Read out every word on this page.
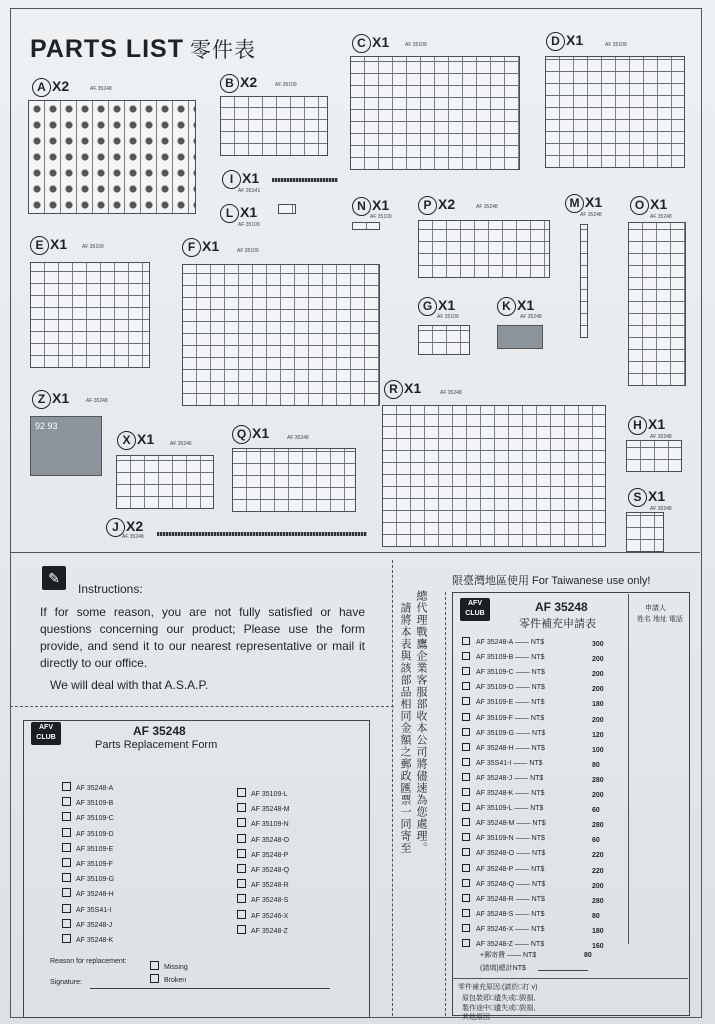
PARTS LIST 零件表
A X2	AF 35248	B X2	AF 35109
C X1	AF 35109	D X1	AF 35109
I X1
AF 35S41
L X1
AF 35109
N X1
AF 35109
P X2	AF 35248	M X1
AF 35248
O X1
AF 35248
E X1	AF 35109	F X1	AF 35109
G X1
AF 35109
K X1
AF 35248
Z X1	AF 35248
R X1	AF 35248
X X1	AF 35246
Q X1	AF 35248
H X1
AF 35248
S X1
AF 35248
J X2
AF 35248
92 93
✎
Instructions:
If for some reason, you are not fully satisfied or have questions concerning our product; Please use the form provide, and send it to our nearest representative or mail it directly to our office.
We will deal with that A.S.A.P.
AFV
CLUB	AF 35248
Parts Replacement Form
AF 35248-A
AF 35109-B
AF 35109-C
AF 35109-D
AF 35109-E
AF 35109-F
AF 35109-G
AF 35248-H
AF 35S41-I
AF 35248-J
AF 35248-K
AF 35109-L
AF 35248-M
AF 35109-N
AF 35248-O
AF 35248-P
AF 35248-Q
AF 35248-R
AF 35248-S
AF 35246-X
AF 35248-Z
Reason for replacement:
Missing
Broken
Signature:
總代理戰鷹企業客服部收本公司將儘速為您處理。
請將本表與該部品相同金額之郵政匯票一同寄至
限臺灣地區使用 For Taiwanese use only!
AFV
CLUB	AF 35248
零件補充申請表
申請人
姓名 地址 電話
AF 35248-A —— NT$	300
AF 35109-B —— NT$	200
AF 35109-C —— NT$	200
AF 35109-D —— NT$	200
AF 35109-E —— NT$	180
AF 35109-F —— NT$	200
AF 35109-G —— NT$	120
AF 35248-H —— NT$	100
AF 35S41-I —— NT$	80
AF 35248-J —— NT$	280
AF 35248-K —— NT$	200
AF 35109-L —— NT$	60
AF 35248-M —— NT$	280
AF 35109-N —— NT$	60
AF 35248-O —— NT$	220
AF 35248-P —— NT$	220
AF 35248-Q —— NT$	200
AF 35248-R —— NT$	280
AF 35248-S —— NT$	80
AF 35246-X —— NT$	180
AF 35248-Z —— NT$	160
+郵寄費 —— NT$	80
(請填)總計NT$
零件補充原因:(請於□打 v)
原包裝即□遺失或□毀損,
製作途中□遺失或□毀損,
其他原因
